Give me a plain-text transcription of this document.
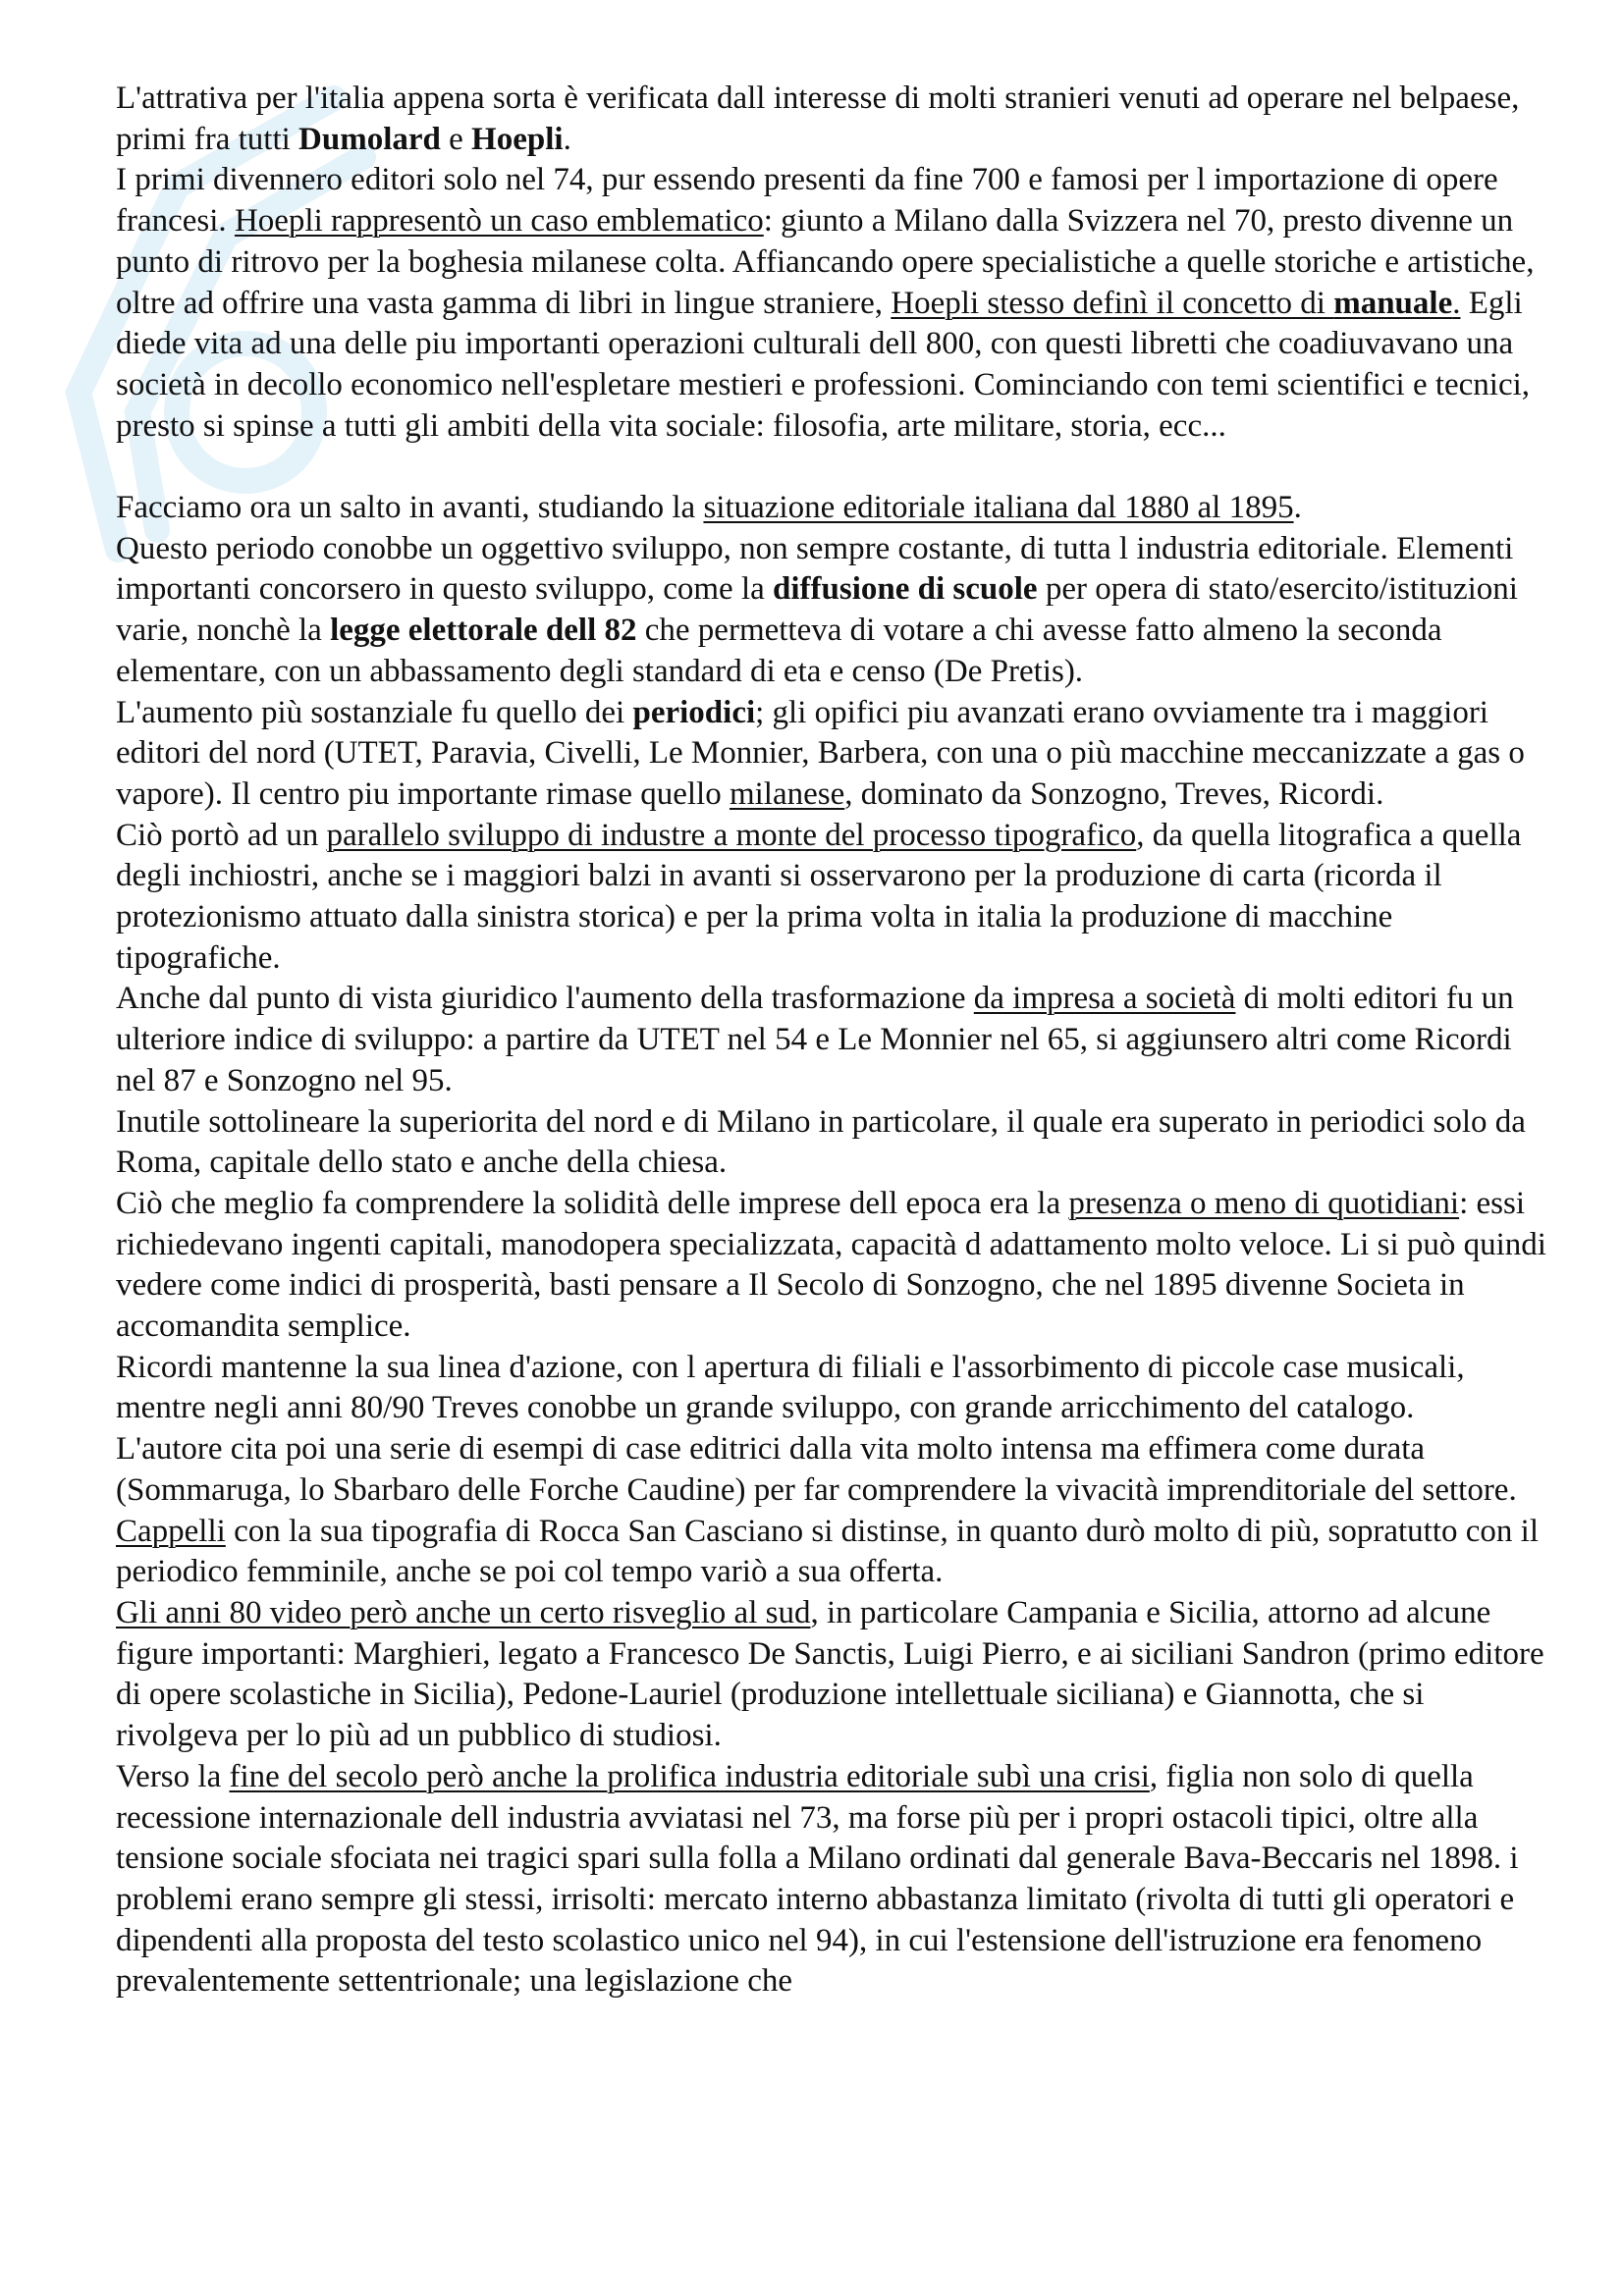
L'attrativa per l'italia appena sorta è verificata dall interesse di molti stranieri venuti ad operare nel belpaese, primi fra tutti Dumolard e Hoepli.

I primi divennero editori solo nel 74, pur essendo presenti da fine 700 e famosi per l importazione di opere francesi. Hoepli rappresentò un caso emblematico: giunto a Milano dalla Svizzera nel 70, presto divenne un punto di ritrovo per la boghesia milanese colta. Affiancando opere specialistiche a quelle storiche e artistiche, oltre ad offrire una vasta gamma di libri in lingue straniere, Hoepli stesso definì il concetto di manuale. Egli diede vita ad una delle piu importanti operazioni culturali dell 800, con questi libretti che coadiuvavano una società in decollo economico nell'espletare mestieri e professioni. Cominciando con temi scientifici e tecnici, presto si spinse a tutti gli ambiti della vita sociale: filosofia, arte militare, storia, ecc...

Facciamo ora un salto in avanti, studiando la situazione editoriale italiana dal 1880 al 1895.

Questo periodo conobbe un oggettivo sviluppo, non sempre costante, di tutta l industria editoriale. Elementi importanti concorsero in questo sviluppo, come la diffusione di scuole per opera di stato/esercito/istituzioni varie, nonchè la legge elettorale dell 82 che permetteva di votare a chi avesse fatto almeno la seconda elementare, con un abbassamento degli standard di eta e censo (De Pretis).

L'aumento più sostanziale fu quello dei periodici; gli opifici piu avanzati erano ovviamente tra i maggiori editori del nord (UTET, Paravia, Civelli, Le Monnier, Barbera, con una o più macchine meccanizzate a gas o vapore). Il centro piu importante rimase quello milanese, dominato da Sonzogno, Treves, Ricordi.

Ciò portò ad un parallelo sviluppo di industre a monte del processo tipografico, da quella litografica a quella degli inchiostri, anche se i maggiori balzi in avanti si osservarono per la produzione di carta (ricorda il protezionismo attuato dalla sinistra storica) e per la prima volta in italia la produzione di macchine tipografiche.

Anche dal punto di vista giuridico l'aumento della trasformazione da impresa a società di molti editori fu un ulteriore indice di sviluppo: a partire da UTET nel 54 e Le Monnier nel 65, si aggiunsero altri come Ricordi nel 87 e Sonzogno nel 95.

Inutile sottolineare la superiorita del nord e di Milano in particolare, il quale era superato in periodici solo da Roma, capitale dello stato e anche della chiesa.

Ciò che meglio fa comprendere la solidità delle imprese dell epoca era la presenza o meno di quotidiani: essi richiedevano ingenti capitali, manodopera specializzata, capacità d adattamento molto veloce. Li si può quindi vedere come indici di prosperità, basti pensare a Il Secolo di Sonzogno, che nel 1895 divenne Societa in accomandita semplice.

Ricordi mantenne la sua linea d'azione, con l apertura di filiali e l'assorbimento di piccole case musicali, mentre negli anni 80/90 Treves conobbe un grande sviluppo, con grande arricchimento del catalogo.

L'autore cita poi una serie di esempi di case editrici dalla vita molto intensa ma effimera come durata (Sommaruga, lo Sbarbaro delle Forche Caudine) per far comprendere la vivacità imprenditoriale del settore. Cappelli con la sua tipografia di Rocca San Casciano si distinse, in quanto durò molto di più, sopratutto con il periodico femminile, anche se poi col tempo variò a sua offerta.

Gli anni 80 video però anche un certo risveglio al sud, in particolare Campania e Sicilia, attorno ad alcune figure importanti: Marghieri, legato a Francesco De Sanctis, Luigi Pierro, e ai siciliani Sandron (primo editore di opere scolastiche in Sicilia), Pedone-Lauriel (produzione intellettuale siciliana) e Giannotta, che si rivolgeva per lo più ad un pubblico di studiosi.

Verso la fine del secolo però anche la prolifica industria editoriale subì una crisi, figlia non solo di quella recessione internazionale dell industria avviatasi nel 73, ma forse più per i propri ostacoli tipici, oltre alla tensione sociale sfociata nei tragici spari sulla folla a Milano ordinati dal generale Bava-Beccaris nel 1898. i problemi erano sempre gli stessi, irrisolti: mercato interno abbastanza limitato (rivolta di tutti gli operatori e dipendenti alla proposta del testo scolastico unico nel 94), in cui l'estensione dell'istruzione era fenomeno prevalentemente settentrionale; una legislazione che
